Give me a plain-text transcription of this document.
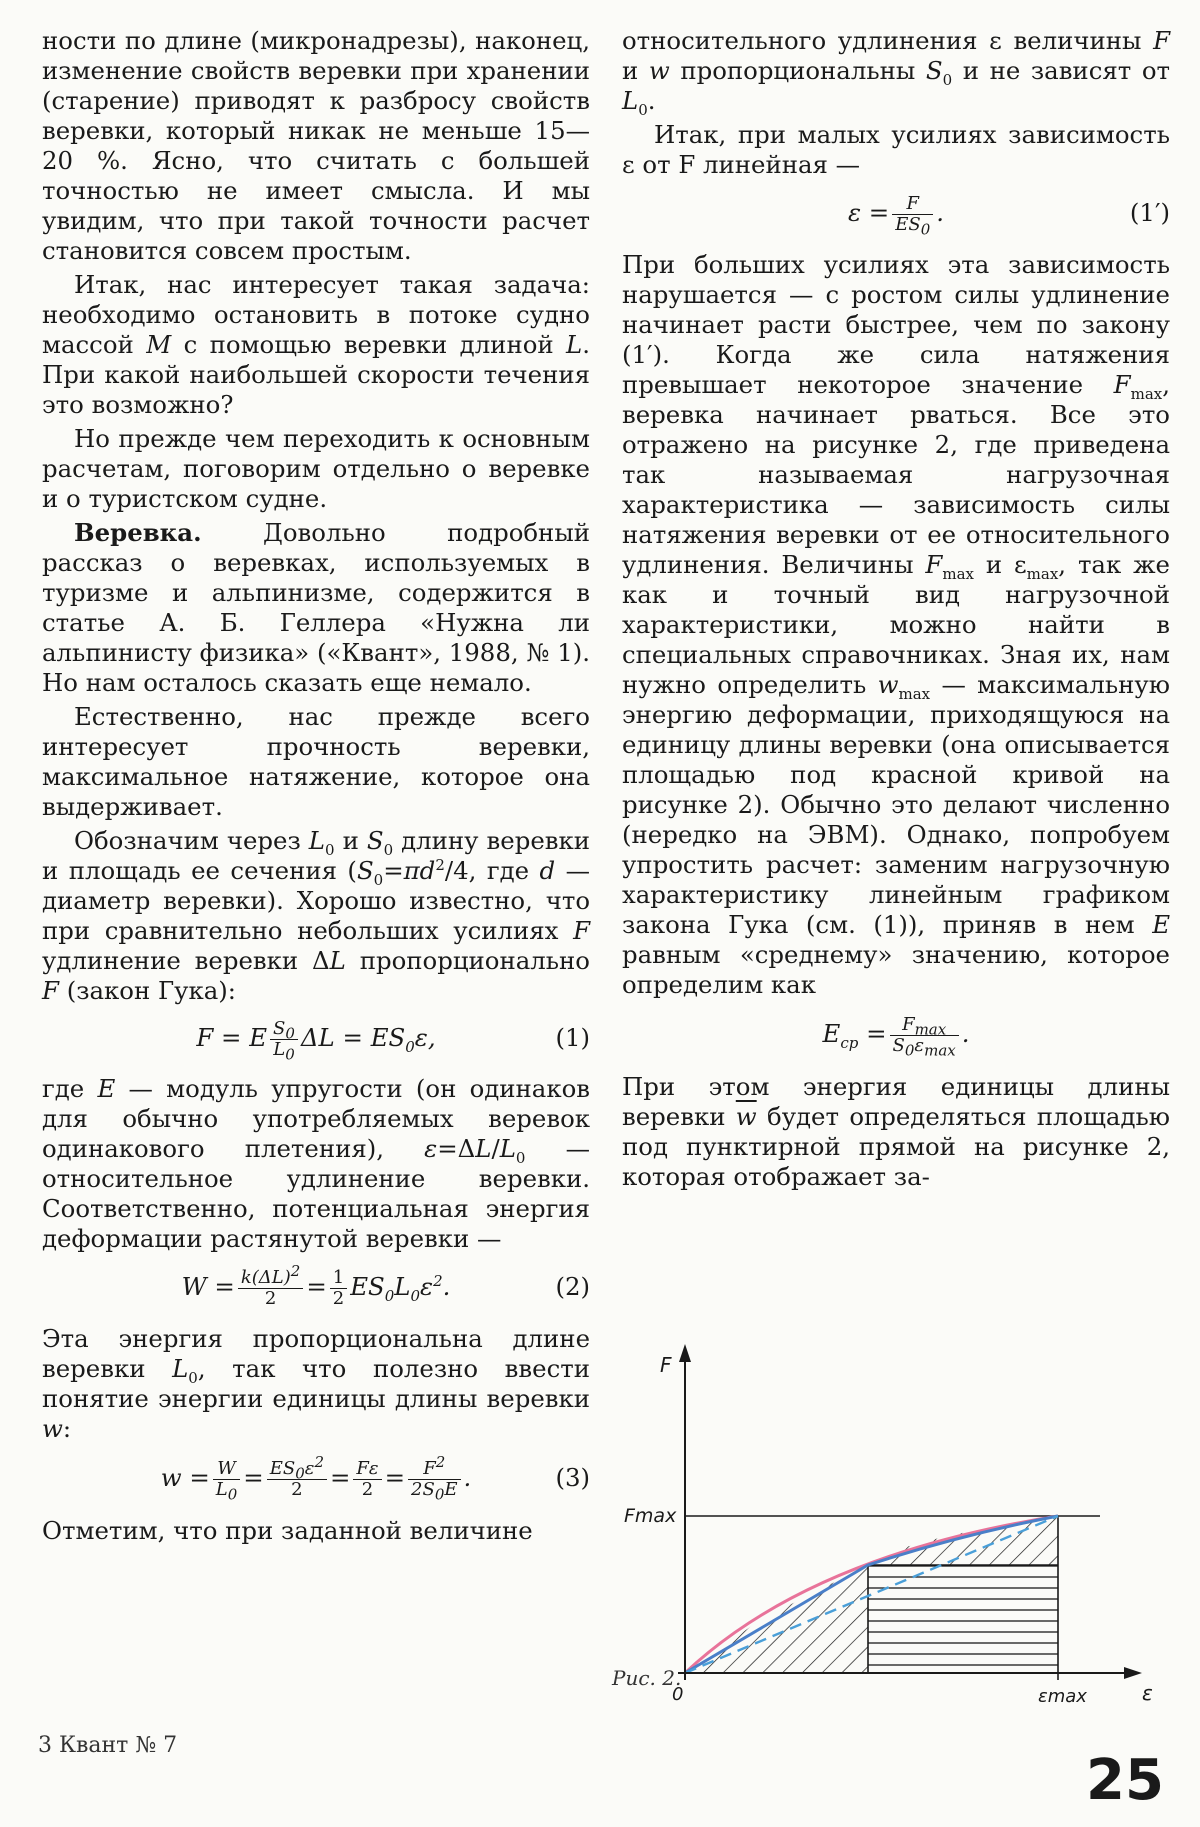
ности по длине (микронадрезы), наконец, изменение свойств веревки при хранении (старение) приводят к разбросу свойств веревки, который никак не меньше 15—20 %. Ясно, что считать с большей точностью не имеет смысла. И мы увидим, что при такой точности расчет становится совсем простым.

Итак, нас интересует такая задача: необходимо остановить в потоке судно массой M с помощью веревки длиной L. При какой наибольшей скорости течения это возможно?

Но прежде чем переходить к основным расчетам, поговорим отдельно о веревке и о туристском судне.

Веревка. Довольно подробный рассказ о веревках, используемых в туризме и альпинизме, содержится в статье А. Б. Геллера «Нужна ли альпинисту физика» («Квант», 1988, № 1). Но нам осталось сказать еще немало.

Естественно, нас прежде всего интересует прочность веревки, максимальное натяжение, которое она выдерживает.

Обозначим через $L_0$ и $S_0$ длину веревки и площадь ее сечения ($S_0=\pi d^2/4$, где d — диаметр веревки). Хорошо известно, что при сравнительно небольших усилиях F удлинение веревки ΔL пропорционально F (закон Гука):

F = E $\frac{S_0}{L_0}$ $\Delta L = ES_0\varepsilon$,	(1)

где E — модуль упругости (он одинаков для обычно употребляемых веревок одинакового плетения), $\varepsilon=\Delta L/L_0$ — относительное удлинение веревки. Соответственно, потенциальная энергия деформации растянутой веревки —

$W = \frac{k(\Delta L)^2}{2} = \frac{1}{2} ES_0L_0\varepsilon^2$.	(2)

Эта энергия пропорциональна длине веревки $L_0$, так что полезно ввести понятие энергии единицы длины веревки w:

$w = \frac{W}{L_0} = \frac{ES_0\varepsilon^2}{2} = \frac{F\varepsilon}{2} = \frac{F^2}{2S_0E}$ .	(3)

Отметим, что при заданной величине

относительного удлинения ε величины F и w пропорциональны $S_0$ и не зависят от $L_0$.

Итак, при малых усилиях зависимость ε от F линейная —

$\varepsilon = \frac{F}{ES_0}$ .	(1′)

При больших усилиях эта зависимость нарушается — с ростом силы удлинение начинает расти быстрее, чем по закону (1′). Когда же сила натяжения превышает некоторое значение $F_{max}$, веревка начинает рваться. Все это отражено на рисунке 2, где приведена так называемая нагрузочная характеристика — зависимость силы натяжения веревки от ее относительного удлинения. Величины $F_{max}$ и $\varepsilon_{max}$, так же как и точный вид нагрузочной характеристики, можно найти в специальных справочниках. Зная их, нам нужно определить $w_{max}$ — максимальную энергию деформации, приходящуюся на единицу длины веревки (она описывается площадью под красной кривой на рисунке 2). Обычно это делают численно (нередко на ЭВМ). Однако, попробуем упростить расчет: заменим нагрузочную характеристику линейным графиком закона Гука (см. (1)), приняв в нем E равным «среднему» значению, которое определим как

$E_{ср} = \frac{F_{max}}{S_0\varepsilon_{max}}$ .

При этом энергия единицы длины веревки $\overline{w}$ будет определяться площадью под пунктирной прямой на рисунке 2, которая отображает за-

F
Fmax
0	εmax	ε
Рис. 2.
3 Квант № 7
25
